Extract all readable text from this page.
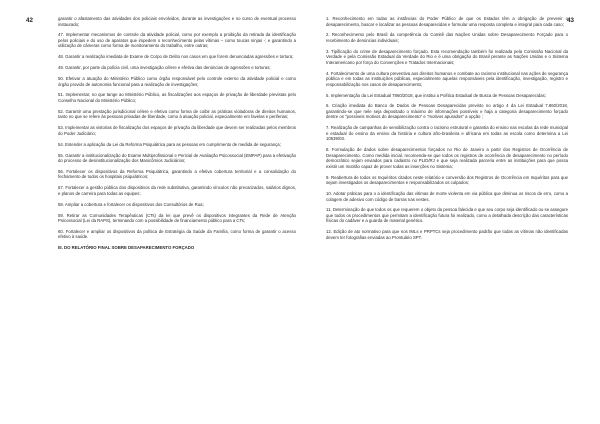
42	garantir o afastamento das atividades dos policiais envolvidos, durante as investigações e no curso de eventual processo instaurado;

47. Implementar mecanismos de controle da atividade policial, como por exemplo a proibição da retirada da identificação pelos policiais e do uso de aparatos que impedem o reconhecimento pelas vítimas – como toucas ninjas -; e garantindo a utilização de câmeras como forma de monitoramento do trabalho, entre outras;

48. Garantir a realização imediata de Exame de Corpo de Delito nos casos em que forem denunciadas agressões e tortura;

49. Garantir, por parte da polícia civil, uma investigação célere e efetiva das denúncias de agressões e torturas;

50. Efetivar a atuação do Ministério Público como órgão responsável pelo controle externo da atividade policial e como órgão provido de autonomia funcional para a realização de investigações;

51. Implementar, no que tange ao Ministério Público, as fiscalizações aos espaços de privação de liberdade previstas pelo Conselho Nacional do Ministério Público;

52. Garantir uma prestação jurisdicional célere e efetiva como forma de coibir as práticas violadoras de direitos humanos, tanto no que se refere às pessoas privadas de liberdade, como à atuação policial, especialmente em favelas e periferias;

53. Implementar as vistorias de fiscalização dos espaços de privação da liberdade que devem ser realizadas pelos membros do Poder Judiciário;

54. Estender a aplicação da Lei da Reforma Psiquiátrica para as pessoas em cumprimento de medida de segurança;

55. Garantir a institucionalização do Exame Multiprofissional e Pericial de Avaliação Psicossocial (EMPAP) para a efetivação do processo de desinstitucionalização dos Manicômios Judiciários;

56. Fortalecer os dispositivos da Reforma Psiquiátrica, garantindo a efetiva cobertura territorial e a consolidação do fechamento de todos os hospitais psiquiátricos;

57. Fortalecer a gestão pública dos dispositivos da rede substitutiva, garantindo vínculos não precarizados, salários dignos, e planos de carreira para todas as equipes;

58. Ampliar a cobertura e fortalecer os dispositivos dos Consultórios de Rua;

59. Retirar as Comunidades Terapêuticas (CTs) da lei que prevê os dispositivos integrantes da Rede de Atenção Psicossocial (Lei da RAPS), terminando com a possibilidade de financiamento público para a CTs;

60. Fortalecer e ampliar os dispositivos da política de Estratégia da Saúde da Família, como forma de garantir o acesso efetivo à saúde.

III. DO RELATÓRIO FINAL SOBRE DESAPARECIMENTO FORÇADO

43

1. Reconhecimento em todas as instâncias do Poder Público de que os Estados têm a obrigação de prevenir o desaparecimento, buscar e localizar as pessoas desaparecidas e formular uma resposta completa e integral para cada caso;

2. Reconhecimento pelo Brasil da competência do Comitê das Nações Unidas sobre Desaparecimento Forçado para o recebimento de denúncias individuais;

3. Tipificação do crime de desaparecimento forçado. Esta recomendação também foi realizada pela Comissão Nacional da Verdade e pela Comissão Estadual da Verdade do Rio e é uma obrigação do Brasil perante as Nações Unidas e o Sistema Interamericano por força do Convenções e Tratados Internacionais;

4. Fortalecimento de uma cultura preventiva aos direitos humanos e combate ao racismo institucional nas ações de segurança pública e em todas as instituições públicas, especialmente aquelas responsáveis pela identificação, investigação, registro e responsabilização nos casos de desaparecimento;

5. Implementação da Lei Estadual 7860/2018, que institui a Política Estadual de Busca de Pessoas Desaparecidas;

6. Criação imediata do Banco de Dados de Pessoas Desaparecidas previsto no artigo 4 da Lei Estadual 7.860/2018, garantindo-se que nele seja depositado o máximo de informações possíveis e haja a categoria desaparecimento forçado dentre os "possíveis motivos do desaparecimento" e "motivos apurados" a opção ;

7. Realização de campanhas de sensibilização contra o racismo estrutural e garantia do ensino nas escolas da rede municipal e estadual do ensino da ensino da história e cultura afro-brasileira e africana em todas as escola como determina a Lei 10639/03.

8. Formulação de dados sobre desaparecimentos forçados no Rio de Janeiro a partir dos Registros de Ocorrência de Desaparecimento. Como medida inicial, recomenda-se que todos os registros de ocorrência de desaparecimento no período democrático sejam enviados para cadastro no PLID/RJ e que seja realizada parceria entre as instituições para que possa existir um mutirão capaz de prover todas as inserções no Sistema;

9. Reabertura de todos os Inquéritos citados neste relatório e conversão dos Registros de Ocorrência em Inquéritos para que sejam investigados os desaparecimentos e responsabilizados os culpados;

10. Adotar práticas para o a identificação das vítimas de morte violenta em via pública que diminua os riscos de erro, como a colagem de adesivo com código de barras nas vestes.

11. Determinação de que todos os que requerem o objeto da pessoa falecida e que seu corpo seja identificado ou se assegure que todos os procedimentos que permitam a identificação futura foi realizado, como a detalhada descrição das características físicas do cadáver e a guarda de material genético.

12. Edição de ato normativo para que nos IMLs e PRPTCs seja procedimento padrão que todas as vítimas não identificadas devem ter fotografias enviadas ao Prontuário SPT.
